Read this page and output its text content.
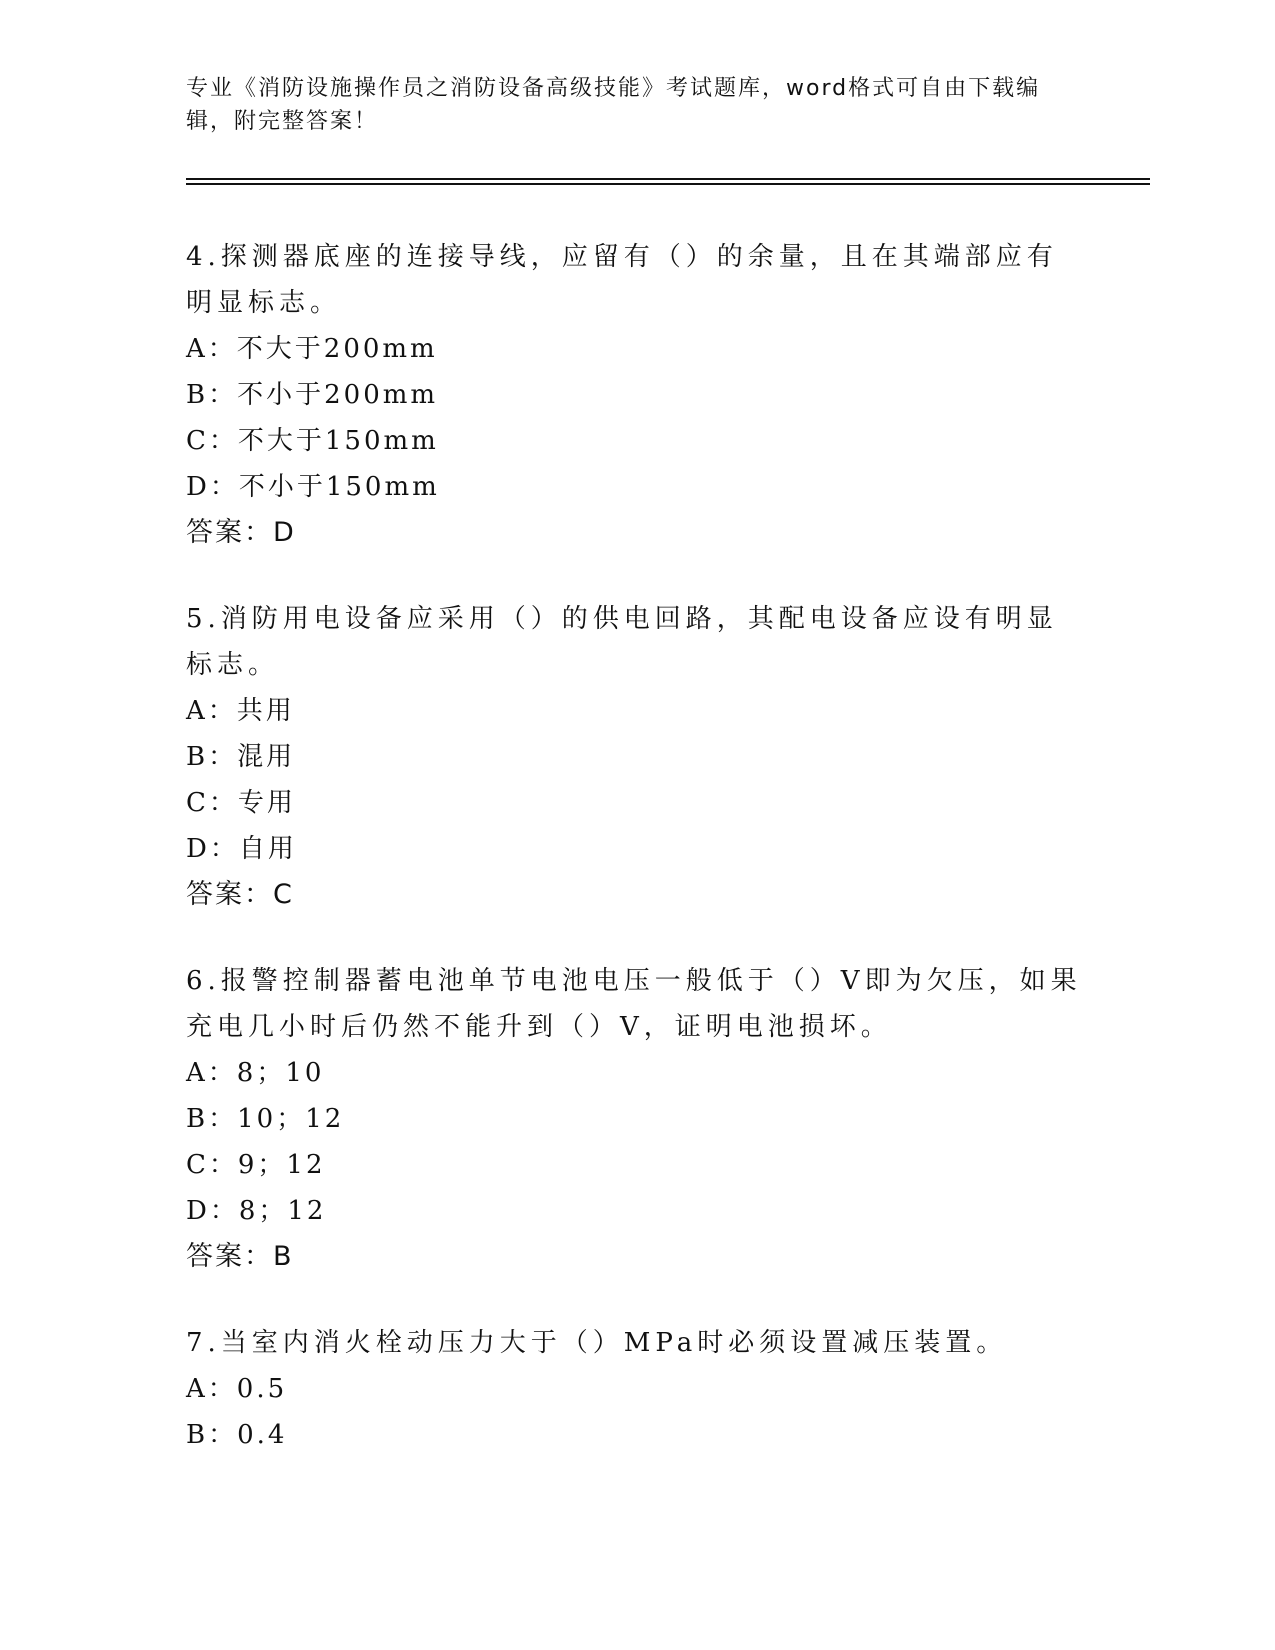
专业《消防设施操作员之消防设备高级技能》考试题库，word格式可自由下载编辑，附完整答案！

4.探测器底座的连接导线，应留有（）的余量，且在其端部应有明显标志。

A：不大于200mm

B：不小于200mm

C：不大于150mm

D：不小于150mm

答案：D

5.消防用电设备应采用（）的供电回路，其配电设备应设有明显标志。

A：共用

B：混用

C：专用

D：自用

答案：C

6.报警控制器蓄电池单节电池电压一般低于（）V即为欠压，如果充电几小时后仍然不能升到（）V，证明电池损坏。

A：8；10

B：10；12

C：9；12

D：8；12

答案：B

7.当室内消火栓动压力大于（）MPa时必须设置减压装置。

A：0.5

B：0.4
